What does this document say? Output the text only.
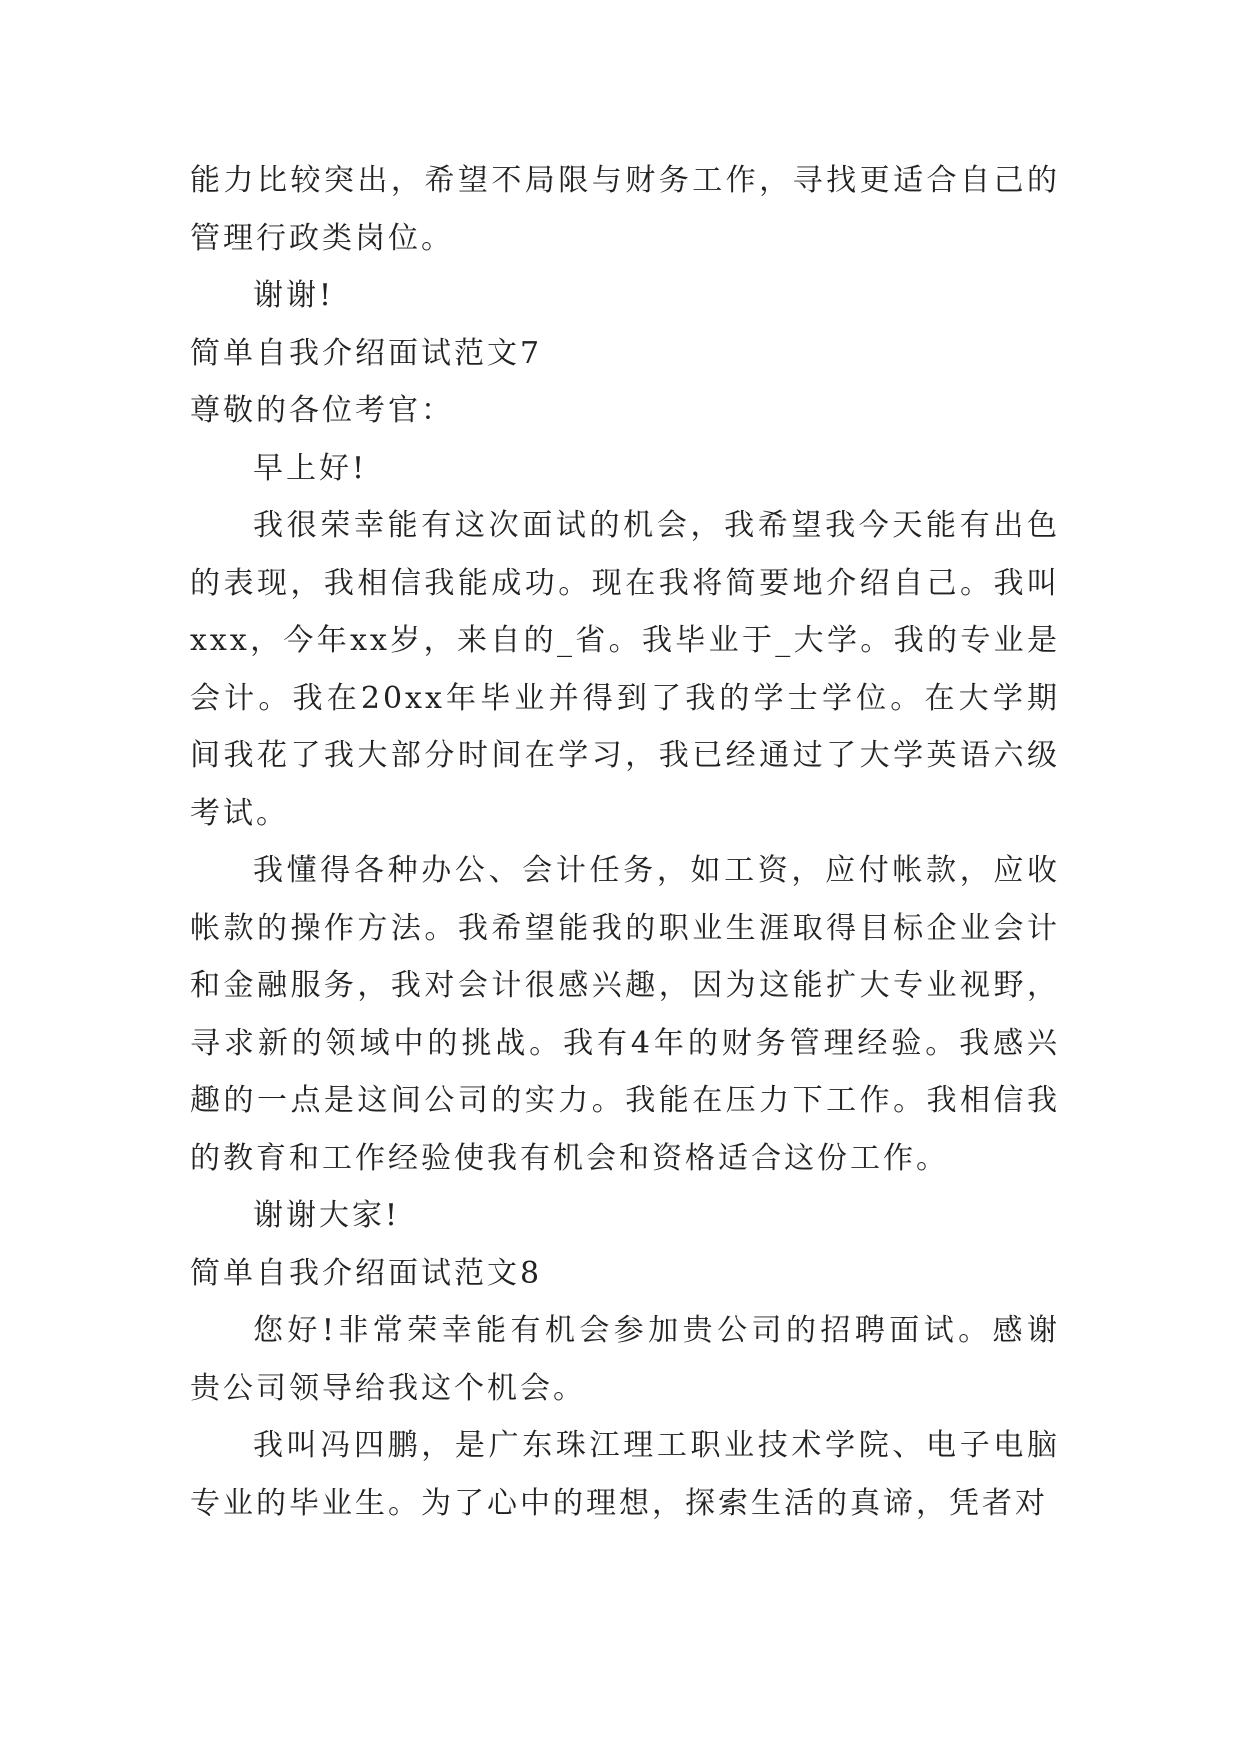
能力比较突出，希望不局限与财务工作，寻找更适合自己的管理行政类岗位。

谢谢!

简单自我介绍面试范文7

尊敬的各位考官：

早上好!

我很荣幸能有这次面试的机会，我希望我今天能有出色的表现，我相信我能成功。现在我将简要地介绍自己。我叫xxx，今年xx岁，来自的_省。我毕业于_大学。我的专业是会计。我在20xx年毕业并得到了我的学士学位。在大学期间我花了我大部分时间在学习，我已经通过了大学英语六级考试。

我懂得各种办公、会计任务，如工资，应付帐款，应收帐款的操作方法。我希望能我的职业生涯取得目标企业会计和金融服务，我对会计很感兴趣，因为这能扩大专业视野，寻求新的领域中的挑战。我有4年的财务管理经验。我感兴趣的一点是这间公司的实力。我能在压力下工作。我相信我的教育和工作经验使我有机会和资格适合这份工作。

谢谢大家!

简单自我介绍面试范文8

您好!非常荣幸能有机会参加贵公司的招聘面试。感谢贵公司领导给我这个机会。

我叫冯四鹏，是广东珠江理工职业技术学院、电子电脑专业的毕业生。为了心中的理想，探索生活的真谛，凭者对
